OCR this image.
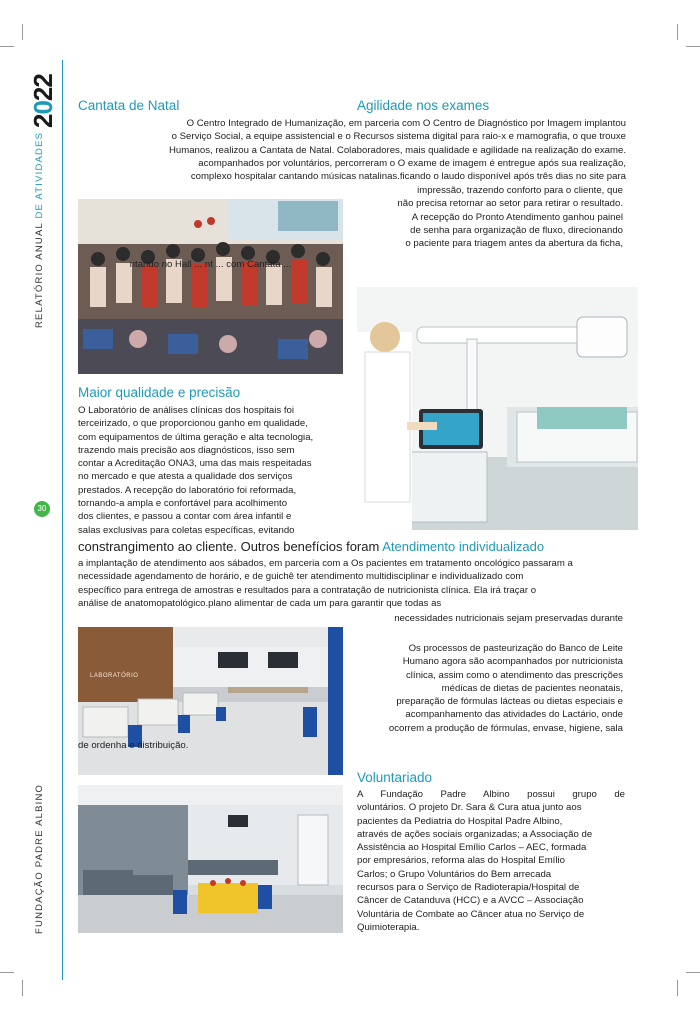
2022
RELATÓRIO ANUAL DE ATIVIDADES
30
FUNDAÇÃO PADRE ALBINO
Cantata de Natal	Agilidade nos exames
O Centro Integrado de Humanização, em parceria com O Centro de Diagnóstico por Imagem implantou
o Serviço Social, a equipe assistencial e o Recursos sistema digital para raio-x e mamografia, o que trouxe
Humanos, realizou a Cantata de Natal. Colaboradores, mais qualidade e agilidade na realização do exame.
acompanhados por voluntários, percorreram o O exame de imagem é entregue após sua realização,
complexo hospitalar cantando músicas natalinas.ficando o laudo disponível após três dias no site para
impressão, trazendo conforto para o cliente, que
não precisa retornar ao setor para retirar o resultado.
A recepção do Pronto Atendimento ganhou painel
de senha para organização de fluxo, direcionando
o paciente para triagem antes da abertura da ficha,
ntando no Hall ... nt ... com Cantata ...
Maior qualidade e precisão
O Laboratório de análises clínicas dos hospitais foi
terceirizado, o que proporcionou ganho em qualidade,
com equipamentos de última geração e alta tecnologia,
trazendo mais precisão aos diagnósticos, isso sem
contar a Acreditação ONA3, uma das mais respeitadas
no mercado e que atesta a qualidade dos serviços
prestados. A recepção do laboratório foi reformada,
tornando-a ampla e confortável para acolhimento
dos clientes, e passou a contar com área infantil e
salas exclusivas para coletas específicas, evitando
constrangimento ao cliente. Outros benefícios foram Atendimento individualizado
a implantação de atendimento aos sábados, em parceria com a Os pacientes em tratamento oncológico passaram a
necessidade agendamento de horário, e de guichê ter atendimento multidisciplinar e individualizado com
específico para entrega de amostras e resultados para a contratação de nutricionista clínica. Ela irá traçar o
análise de anatomopatológico.plano alimentar de cada um para garantir que todas as
necessidades nutricionais sejam preservadas durante
LABORATÓRIO
Os processos de pasteurização do Banco de Leite
Humano agora são acompanhados por nutricionista
clínica, assim como o atendimento das prescrições
médicas de dietas de pacientes neonatais,
preparação de fórmulas lácteas ou dietas especiais e
acompanhamento das atividades do Lactário, onde
ocorrem a produção de fórmulas, envase, higiene, sala
de ordenha e distribuição.
Voluntariado
A Fundação Padre Albino possui grupo de
voluntários. O projeto Dr. Sara & Cura atua junto aos
pacientes da Pediatria do Hospital Padre Albino,
através de ações sociais organizadas; a Associação de
Assistência ao Hospital Emílio Carlos – AEC, formada
por empresários, reforma alas do Hospital Emílio
Carlos; o Grupo Voluntários do Bem arrecada
recursos para o Serviço de Radioterapia/Hospital de
Câncer de Catanduva (HCC) e a AVCC – Associação
Voluntária de Combate ao Câncer atua no Serviço de
Quimioterapia.
